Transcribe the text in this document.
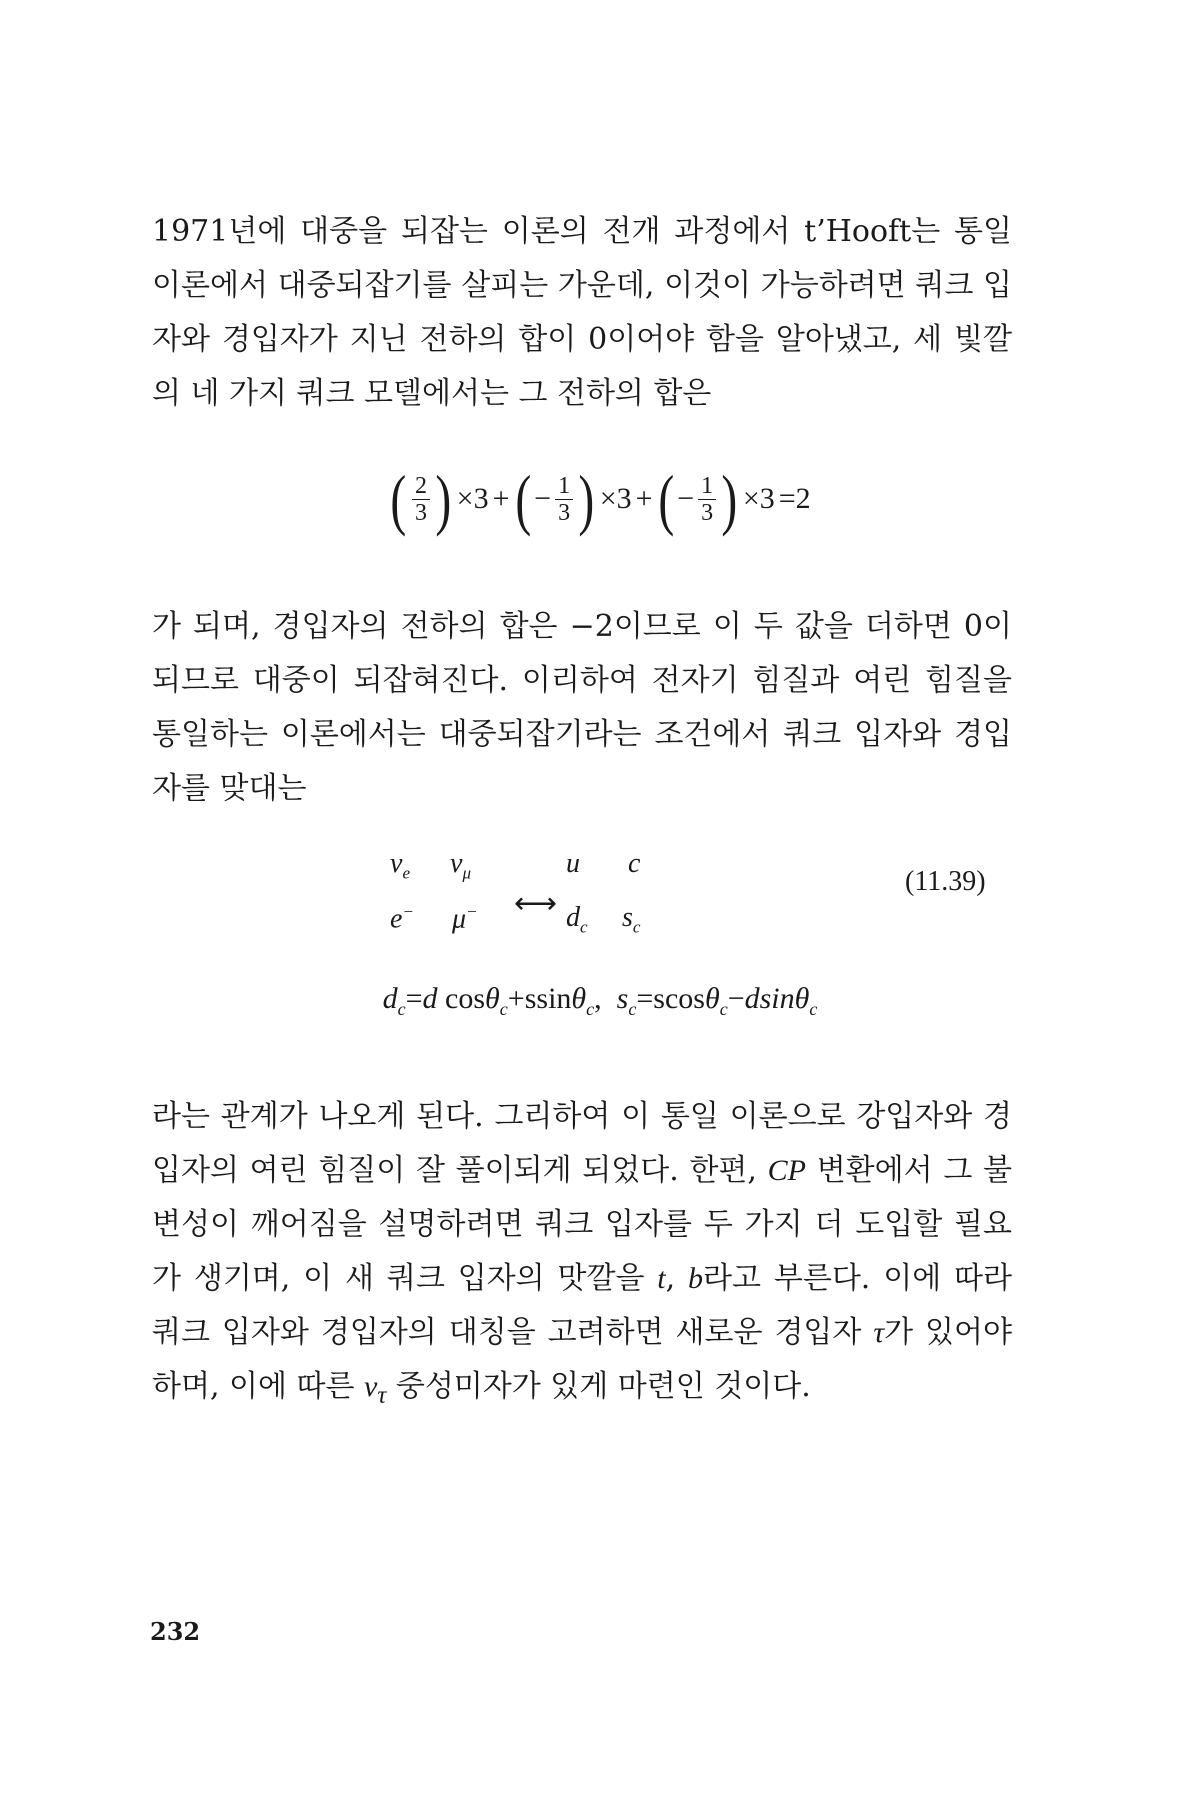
1971년에 대중을 되잡는 이론의 전개 과정에서 t’Hooft는 통일 이론에서 대중되잡기를 살피는 가운데, 이것이 가능하려면 쿼크 입자와 경입자가 지닌 전하의 합이 0이어야 함을 알아냈고, 세 빛깔의 네 가지 쿼크 모델에서는 그 전하의 합은

( $\frac{2}{3}$ ) ×3 + ( − $\frac{1}{3}$ ) ×3 + ( − $\frac{1}{3}$ ) ×3 =2

가 되며, 경입자의 전하의 합은 −2이므로 이 두 값을 더하면 0이 되므로 대중이 되잡혀진다. 이리하여 전자기 힘질과 여린 힘질을 통일하는 이론에서는 대중되잡기라는 조건에서 쿼크 입자와 경입자를 맞대는

$\nu_e$ $\nu_\mu$
e− μ− ⟷
u c
$d_c$ $s_c$
(11.39)
$d_c=d$ cosθ$_c$+ssinθ$_c$, $s_c=scos\theta_c-dsin\theta_c$

라는 관계가 나오게 된다. 그리하여 이 통일 이론으로 강입자와 경입자의 여린 힘질이 잘 풀이되게 되었다. 한편, CP 변환에서 그 불변성이 깨어짐을 설명하려면 쿼크 입자를 두 가지 더 도입할 필요가 생기며, 이 새 쿼크 입자의 맛깔을 t, b라고 부른다. 이에 따라 쿼크 입자와 경입자의 대칭을 고려하면 새로운 경입자 τ가 있어야 하며, 이에 따른 $\nu_\tau$ 중성미자가 있게 마련인 것이다.

232
